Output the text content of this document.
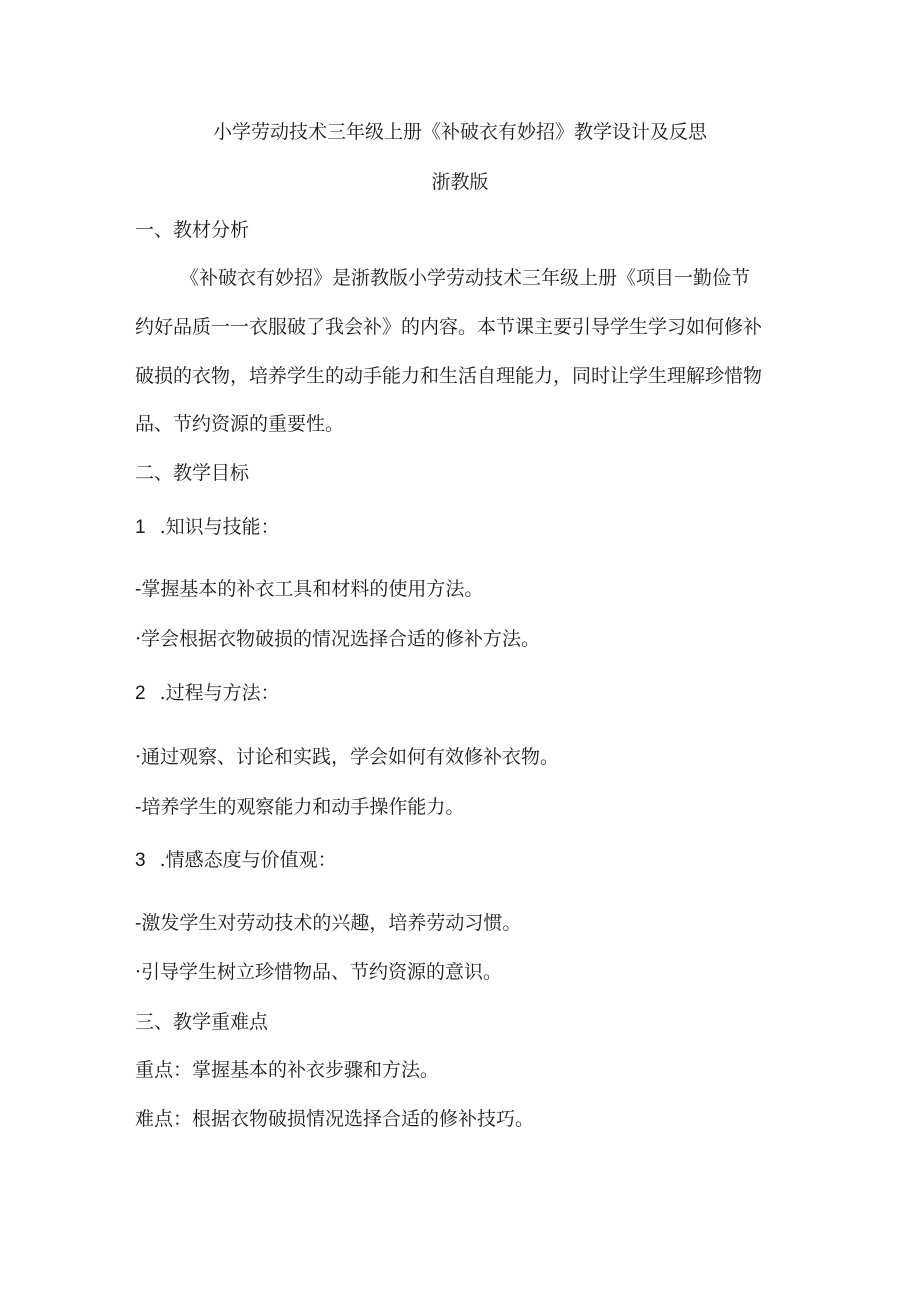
小学劳动技术三年级上册《补破衣有妙招》教学设计及反思

浙教版

一、教材分析

《补破衣有妙招》是浙教版小学劳动技术三年级上册《项目一勤俭节

约好品质一一衣服破了我会补》的内容。本节课主要引导学生学习如何修补

破损的衣物，培养学生的动手能力和生活自理能力，同时让学生理解珍惜物

品、节约资源的重要性。

二、教学目标

1 .知识与技能：

-掌握基本的补衣工具和材料的使用方法。

·学会根据衣物破损的情况选择合适的修补方法。

2 .过程与方法：

·通过观察、讨论和实践，学会如何有效修补衣物。

-培养学生的观察能力和动手操作能力。

3 .情感态度与价值观：

-激发学生对劳动技术的兴趣，培养劳动习惯。

·引导学生树立珍惜物品、节约资源的意识。

三、教学重难点

重点：掌握基本的补衣步骤和方法。

难点：根据衣物破损情况选择合适的修补技巧。
